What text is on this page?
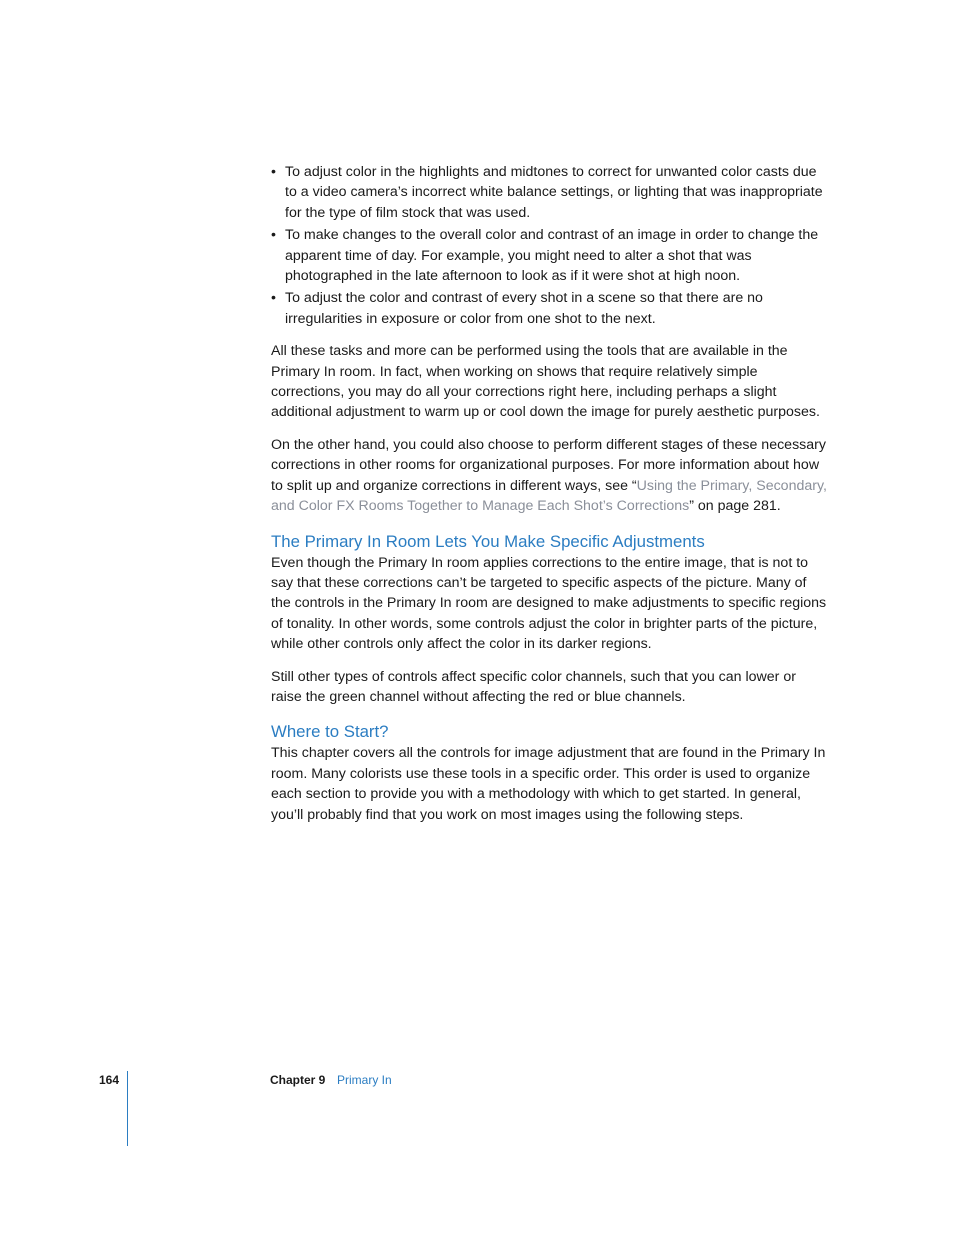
• To adjust color in the highlights and midtones to correct for unwanted color casts due to a video camera’s incorrect white balance settings, or lighting that was inappropriate for the type of film stock that was used.
• To make changes to the overall color and contrast of an image in order to change the apparent time of day. For example, you might need to alter a shot that was photographed in the late afternoon to look as if it were shot at high noon.
• To adjust the color and contrast of every shot in a scene so that there are no irregularities in exposure or color from one shot to the next.

All these tasks and more can be performed using the tools that are available in the Primary In room. In fact, when working on shows that require relatively simple corrections, you may do all your corrections right here, including perhaps a slight additional adjustment to warm up or cool down the image for purely aesthetic purposes.

On the other hand, you could also choose to perform different stages of these necessary corrections in other rooms for organizational purposes. For more information about how to split up and organize corrections in different ways, see “Using the Primary, Secondary, and Color FX Rooms Together to Manage Each Shot’s Corrections” on page 281.

The Primary In Room Lets You Make Specific Adjustments

Even though the Primary In room applies corrections to the entire image, that is not to say that these corrections can’t be targeted to specific aspects of the picture. Many of the controls in the Primary In room are designed to make adjustments to specific regions of tonality. In other words, some controls adjust the color in brighter parts of the picture, while other controls only affect the color in its darker regions.

Still other types of controls affect specific color channels, such that you can lower or raise the green channel without affecting the red or blue channels.

Where to Start?

This chapter covers all the controls for image adjustment that are found in the Primary In room. Many colorists use these tools in a specific order. This order is used to organize each section to provide you with a methodology with which to get started. In general, you’ll probably find that you work on most images using the following steps.

164	Chapter 9 Primary In
